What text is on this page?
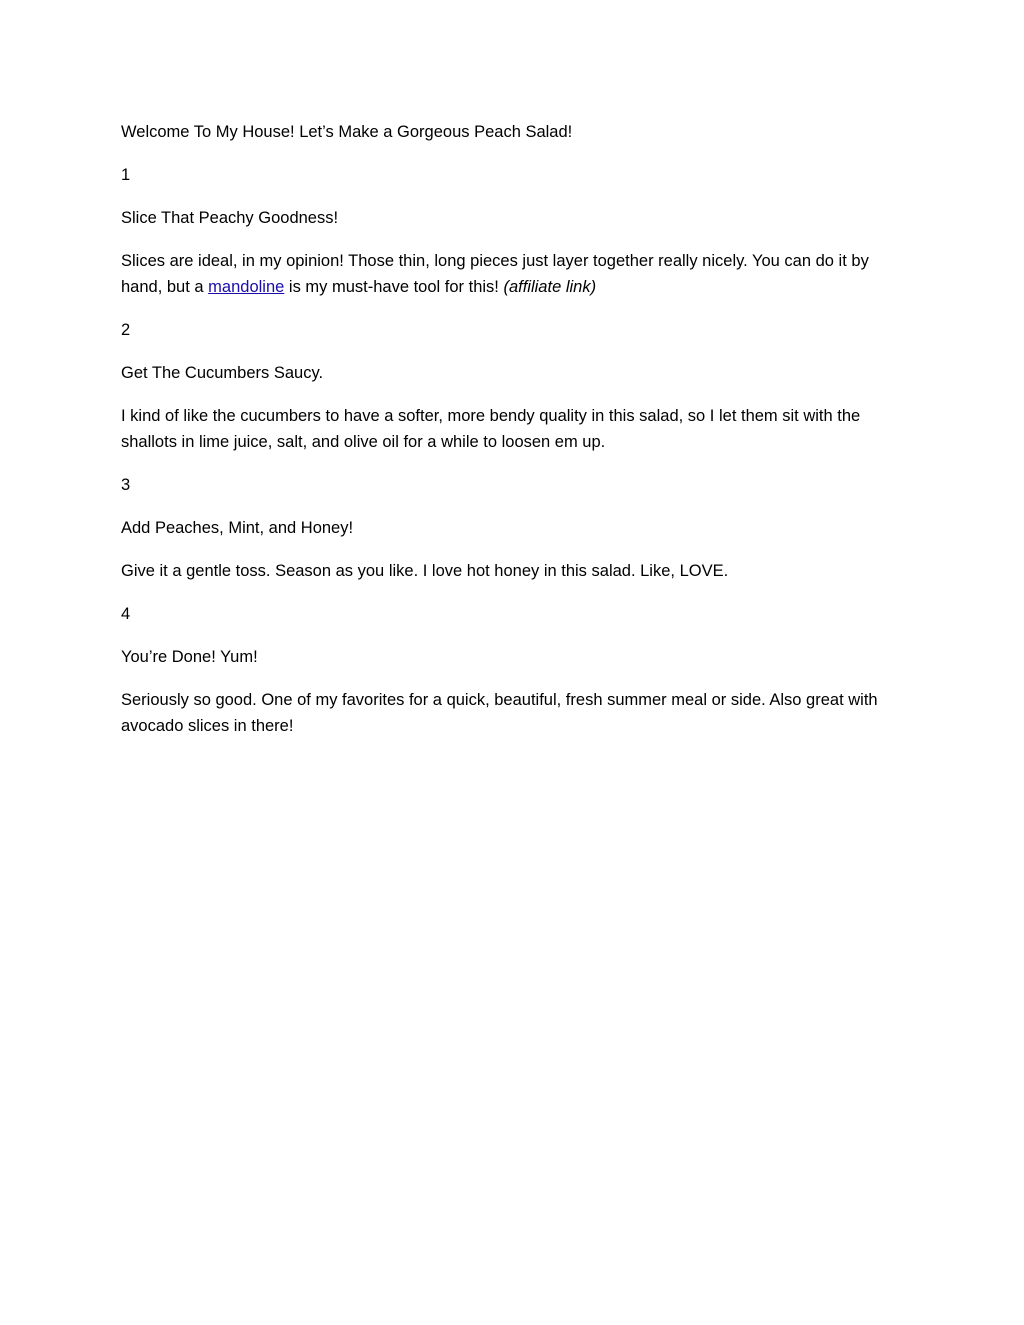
Welcome To My House! Let’s Make a Gorgeous Peach Salad!

1

Slice That Peachy Goodness!

Slices are ideal, in my opinion! Those thin, long pieces just layer together really nicely. You can do it by hand, but a mandoline is my must-have tool for this! (affiliate link)

2

Get The Cucumbers Saucy.

I kind of like the cucumbers to have a softer, more bendy quality in this salad, so I let them sit with the shallots in lime juice, salt, and olive oil for a while to loosen em up.

3

Add Peaches, Mint, and Honey!

Give it a gentle toss. Season as you like. I love hot honey in this salad. Like, LOVE.

4

You’re Done! Yum!

Seriously so good. One of my favorites for a quick, beautiful, fresh summer meal or side. Also great with avocado slices in there!
